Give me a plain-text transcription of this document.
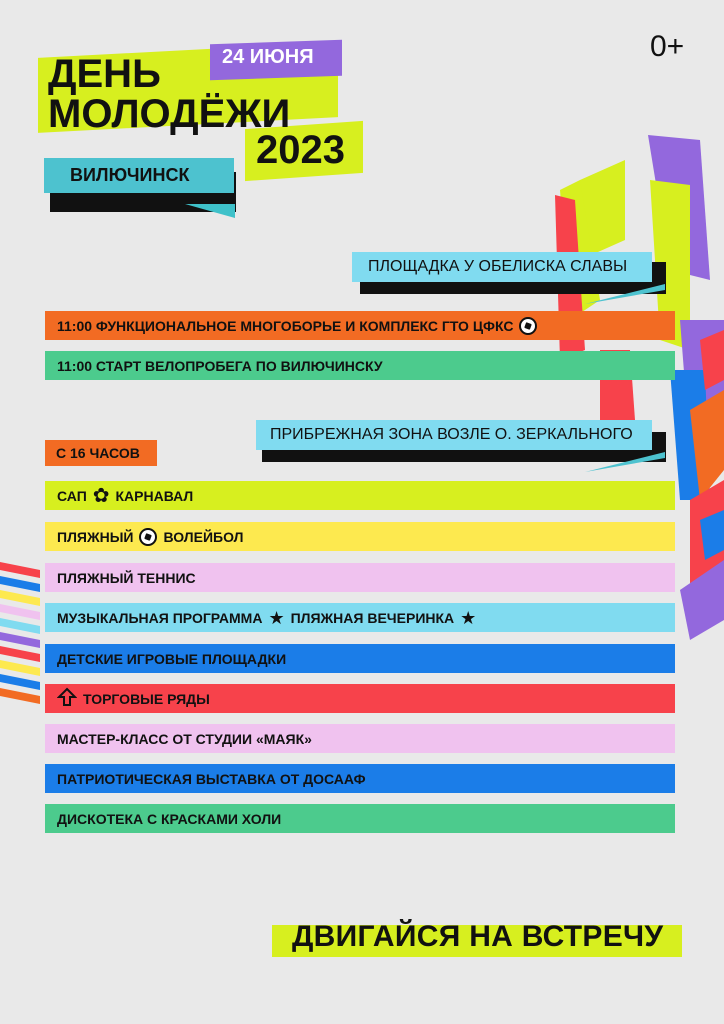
0+
24 ИЮНЯ
ДЕНЬ
МОЛОДЁЖИ
2023
ВИЛЮЧИНСК
ПЛОЩАДКА У ОБЕЛИСКА СЛАВЫ
11:00 ФУНКЦИОНАЛЬНОЕ МНОГОБОРЬЕ И КОМПЛЕКС ГТО ЦФКС
11:00 СТАРТ ВЕЛОПРОБЕГА ПО ВИЛЮЧИНСКУ
ПРИБРЕЖНАЯ ЗОНА ВОЗЛЕ О. ЗЕРКАЛЬНОГО
С 16 ЧАСОВ
САП ✿ КАРНАВАЛ
ПЛЯЖНЫЙ ВОЛЕЙБОЛ
ПЛЯЖНЫЙ ТЕННИС
МУЗЫКАЛЬНАЯ ПРОГРАММА ★ ПЛЯЖНАЯ ВЕЧЕРИНКА ★
ДЕТСКИЕ ИГРОВЫЕ ПЛОЩАДКИ
ТОРГОВЫЕ РЯДЫ
МАСТЕР-КЛАСС ОТ СТУДИИ «МАЯК»
ПАТРИОТИЧЕСКАЯ ВЫСТАВКА ОТ ДОСААФ
ДИСКОТЕКА С КРАСКАМИ ХОЛИ
ДВИГАЙСЯ НА ВСТРЕЧУ
